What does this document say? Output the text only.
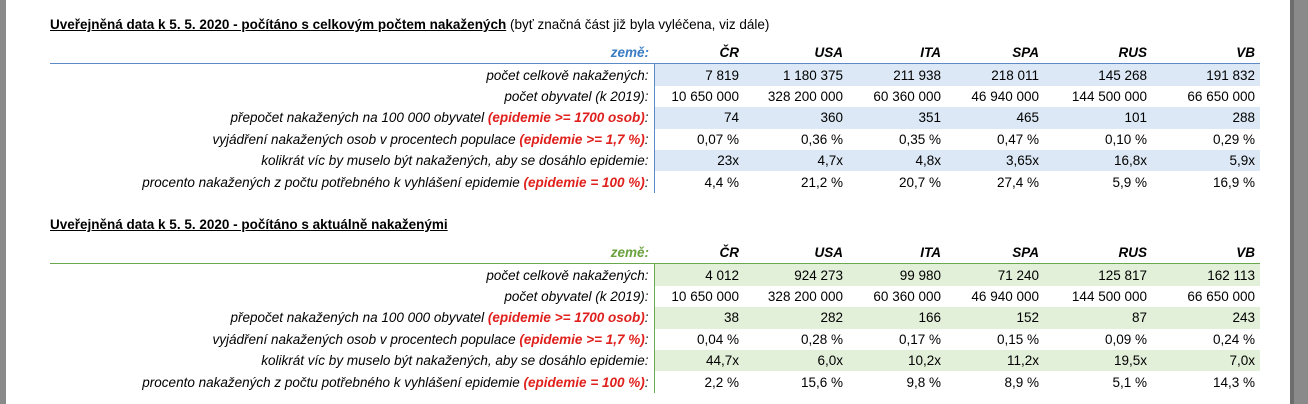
Uveřejněná data k 5. 5. 2020 - počítáno s celkovým počtem nakažených (byť značná část již byla vyléčena, viz dále)
země:	ČR	USA	ITA	SPA	RUS	VB
počet celkově nakažených:	7 819	1 180 375	211 938	218 011	145 268	191 832
počet obyvatel (k 2019):	10 650 000	328 200 000	60 360 000	46 940 000	144 500 000	66 650 000
přepočet nakažených na 100 000 obyvatel (epidemie >= 1700 osob):	74	360	351	465	101	288
vyjádření nakažených osob v procentech populace (epidemie >= 1,7 %):	0,07 %	0,36 %	0,35 %	0,47 %	0,10 %	0,29 %
kolikrát víc by muselo být nakažených, aby se dosáhlo epidemie:	23x	4,7x	4,8x	3,65x	16,8x	5,9x
procento nakažených z počtu potřebného k vyhlášení epidemie (epidemie = 100 %):	4,4 %	21,2 %	20,7 %	27,4 %	5,9 %	16,9 %
Uveřejněná data k 5. 5. 2020 - počítáno s aktuálně nakaženými
země:	ČR	USA	ITA	SPA	RUS	VB
počet celkově nakažených:	4 012	924 273	99 980	71 240	125 817	162 113
počet obyvatel (k 2019):	10 650 000	328 200 000	60 360 000	46 940 000	144 500 000	66 650 000
přepočet nakažených na 100 000 obyvatel (epidemie >= 1700 osob):	38	282	166	152	87	243
vyjádření nakažených osob v procentech populace (epidemie >= 1,7 %):	0,04 %	0,28 %	0,17 %	0,15 %	0,09 %	0,24 %
kolikrát víc by muselo být nakažených, aby se dosáhlo epidemie:	44,7x	6,0x	10,2x	11,2x	19,5x	7,0x
procento nakažených z počtu potřebného k vyhlášení epidemie (epidemie = 100 %):	2,2 %	15,6 %	9,8 %	8,9 %	5,1 %	14,3 %
